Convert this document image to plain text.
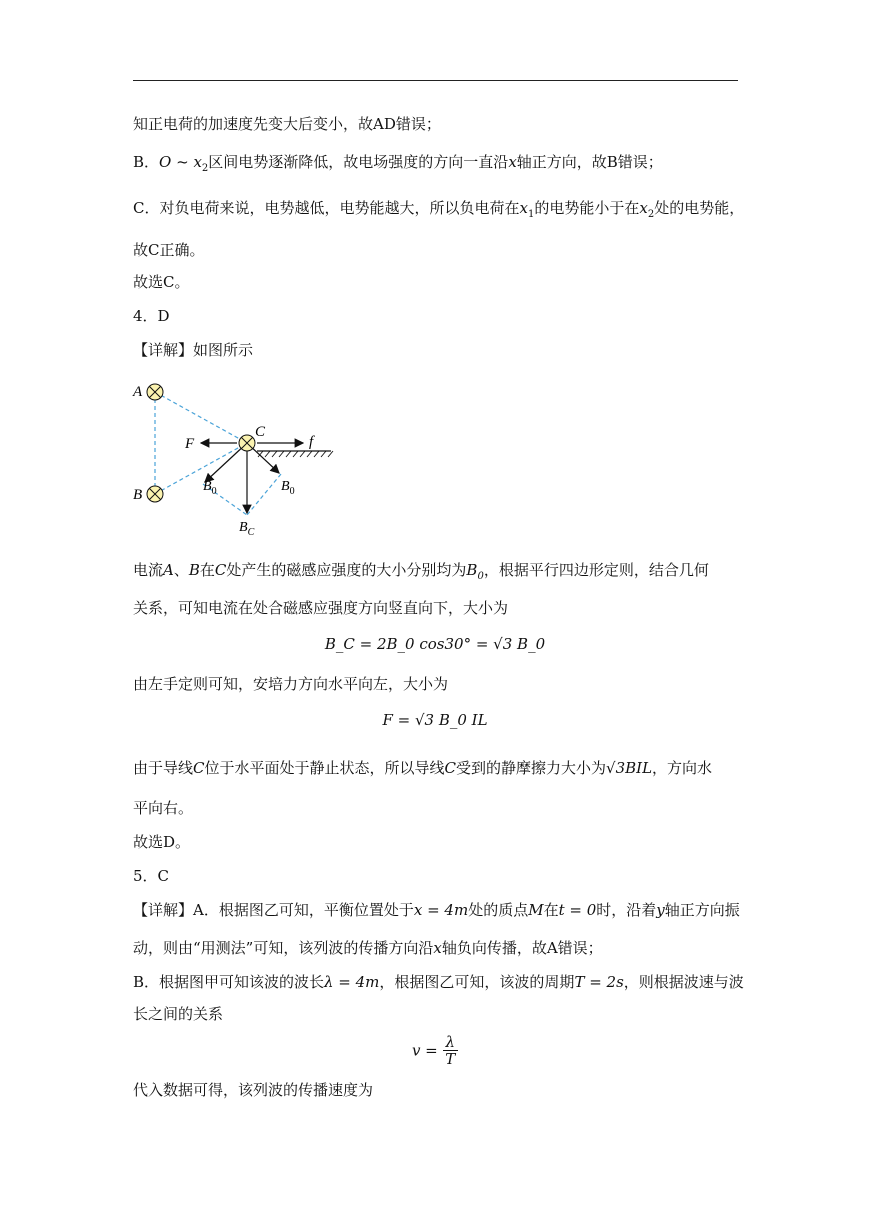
知正电荷的加速度先变大后变小，故AD错误；
B．O ~ $x_2$区间电势逐渐降低，故电场强度的方向一直沿x轴正方向，故B错误；
C．对负电荷来说，电势越低，电势能越大，所以负电荷在$x_1$的电势能小于在$x_2$处的电势能，
故C正确。
故选C。
4．D
【详解】如图所示
A
B
C
F	f
$B_0$	$B_0$
$B_C$
电流A、B在C处产生的磁感应强度的大小分别均为$B_0$，根据平行四边形定则，结合几何
关系，可知电流在处合磁感应强度方向竖直向下，大小为
B_C = 2B_0 cos30° = √3 B_0
由左手定则可知，安培力方向水平向左，大小为
F = √3 B_0 IL
由于导线C位于水平面处于静止状态，所以导线C受到的静摩擦力大小为√3BIL，方向水
平向右。
故选D。
5．C
【详解】A．根据图乙可知，平衡位置处于x = 4m处的质点M在t = 0时，沿着y轴正方向振
动，则由“用测法”可知，该列波的传播方向沿x轴负向传播，故A错误；
B．根据图甲可知该波的波长λ = 4m，根据图乙可知，该波的周期T = 2s，则根据波速与波
长之间的关系
$v = \frac{\lambda}{T}$
代入数据可得，该列波的传播速度为
